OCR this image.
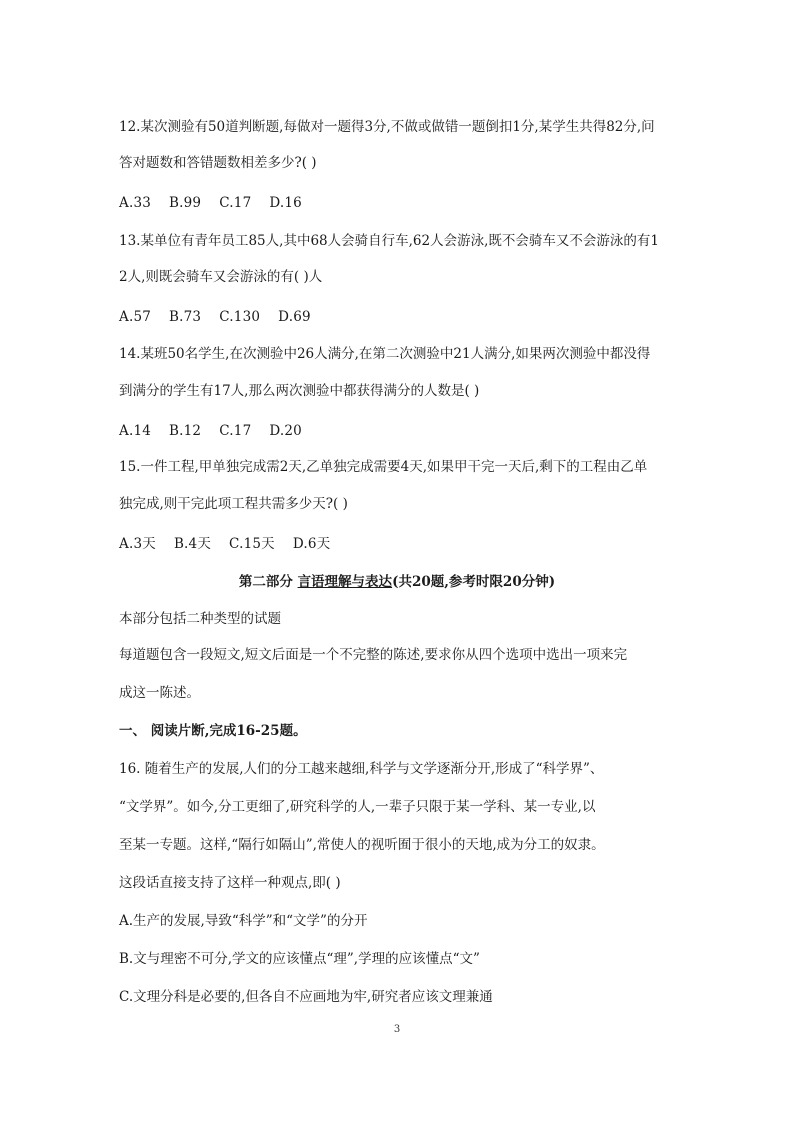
12.某次测验有50道判断题,每做对一题得3分,不做或做错一题倒扣1分,某学生共得82分,问
答对题数和答错题数相差多少?( )
A.33 B.99 C.17 D.16
13.某单位有青年员工85人,其中68人会骑自行车,62人会游泳,既不会骑车又不会游泳的有1
2人,则既会骑车又会游泳的有( )人
A.57 B.73 C.130 D.69
14.某班50名学生,在次测验中26人满分,在第二次测验中21人满分,如果两次测验中都没得
到满分的学生有17人,那么两次测验中都获得满分的人数是( )
A.14 B.12 C.17 D.20
15.一件工程,甲单独完成需2天,乙单独完成需要4天,如果甲干完一天后,剩下的工程由乙单
独完成,则干完此项工程共需多少天?( )
A.3天 B.4天 C.15天 D.6天
第二部分 言语理解与表达(共20题,参考时限20分钟)
本部分包括二种类型的试题
每道题包含一段短文,短文后面是一个不完整的陈述,要求你从四个选项中选出一项来完
成这一陈述。
一、 阅读片断,完成16-25题。
16. 随着生产的发展,人们的分工越来越细,科学与文学逐渐分开,形成了“科学界”、
“文学界”。如今,分工更细了,研究科学的人,一辈子只限于某一学科、某一专业,以
至某一专题。这样,“隔行如隔山”,常使人的视听囿于很小的天地,成为分工的奴隶。
这段话直接支持了这样一种观点,即( )
A.生产的发展,导致“科学”和“文学”的分开
B.文与理密不可分,学文的应该懂点“理”,学理的应该懂点“文”
C.文理分科是必要的,但各自不应画地为牢,研究者应该文理兼通
3
